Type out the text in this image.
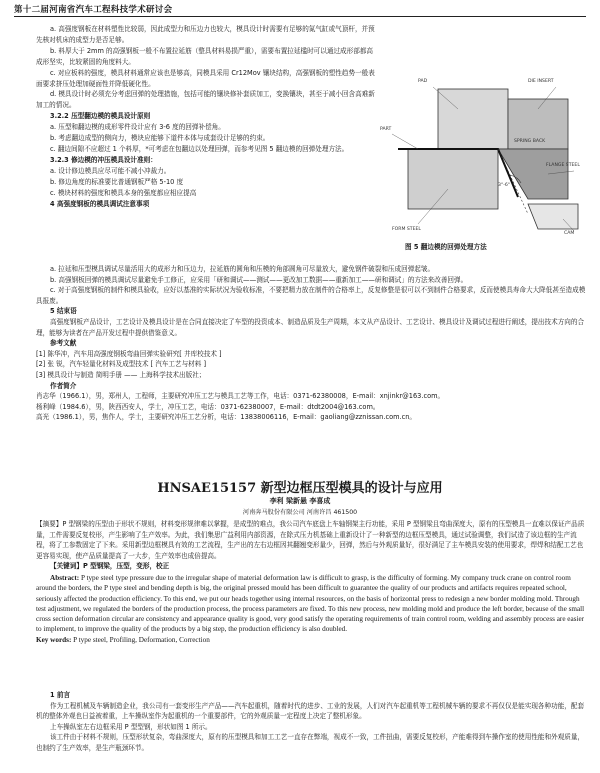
第十二届河南省汽车工程科技学术研讨会

a. 高强度钢板在材料塑性比较弱，因此成型力和压边力也较大，模具设计时需要有足够的氮气缸或气顶杆，并预先核对机床的成型力是否足够。

b. 料厚大于 2mm 的高强钢板一般不布置拉延筋（整具材料易损严重），需要布置拉延槛时可以通过成形部都高成形坚实，比较紧固的角度料大。

c. 对应板料的强度，模具材料通常应该也是够高，同模具采用 Cr12Mov 镶块结构，高强钢板的塑性趋势一般表面要求挤压处理加硬面性并降低硬化性。

d. 模具设计时必须充分考虑回弹的处理措施，包括可能的镶块修补套质加工，变换镶块，甚至于减小回含高难新加工的情况。

3.2.2 压型翻边模的模具设计原则

a. 压型和翻边模的成形零件设计应有 3-6 度的回弹补偿角。

b. 考虑翻边成型的侧向力，模块应能够下道件本体与成套设计足够的约束。

c. 翻边间隙不应超过 1 个料厚，*可考虑在包翻边以处理回弹，而参考见图 5 翻边模的回弹处理方法。

3.2.3 修边模的冲压模具设计准则：

a. 设计修边模具应尽可能不减小冲裁力。

b. 修边角度的标准要比普通钢板严格 5-10 度

c. 模块材料的强度和模具本身的强度都应相应提高

4 高强度钢板的模具调试注意事项

DIE INSERT
PAD
PART
SPRING BACK
3°-6°
FLANGE STEEL
FORM STEEL
CAM
图 5 翻边模的回弹处理方法

a. 拉延和压型模具调试尽量活用大的成形力和压边力，拉延筋的圆角和压模的角部圆角可尽量放大，避免钢件破裂和压成回弹起皱。

b. 高强钢板回弹的模具调试尽量避免手工修正，应采用「研和调试——测试——更改加工数据——重新加工——研和调试」的方法来改善回弹。

c. 对于高强度钢板的制件和模具验收，应好以基准的实际状况为验收标准，不要把精力放在制件的合格率上，反复修整是很可以不到制件合格要求，反而使模具寿命大大降低甚至造成模具报废。

5 结束语

高强度钢板产品设计，工艺设计及模具设计是在合同直接决定了车型的投资成本、制造品质及生产周期，本文从产品设计、工艺设计、模具设计及调试过程进行阐述，提出技术方向的合理，能够为读者在产品开发过程中提供借鉴意义。

参考文献

[1] 陈华冲，汽车用高强度钢板弯曲回弹实验研究[ 井库校技术 ]

[2] 张 锐，汽车轻量化材料及成型技术 [ 汽车工艺与材料 ]

[3] 模具设计与制造 简明手册 —— 上海科学技术出版社；

作者简介

肖志华（1966.1），男，郑州人，工程师，主要研究冲压工艺与模具工艺等工作，电话：0371-62380008，E-mail：xnjinkr@163.com。

杨利峰（1984.6），男，陕西西安人，学士，冲压工艺，电话：0371-62380007，E-mail：dtdt2004@163.com。

高光（1986.1），男，焦作人，学士，主要研究冲压工艺分析，电话：13838006116，E-mail：gaoliang@zznissan.com.cn。

HNSAE15157 新型边框压型模具的设计与应用
李利 梁新悬 李喜成
河南奔马股份有限公司 河南许昌 461500

【摘要】P 型钢梁的压型由于形状不规则，材料变形规律难以掌握，是成型的难点，我公司汽车底盘上车轴钢架主行功能，采用 P 型钢梁且弯曲深度大，原有的压型模具一直难以保证产品质量，工件需要反复校形，产生影响了生产效率。为此，我们集思广益利用内部资源，在除式压力机基础上重新设计了一种新型的边框压型模具，通过试验调整，我们试造了该边框的生产流程，将了工参数固定了下来。采用新型边框模具有效的工艺流程，生产出的左右边框因其翻翘变形量少，回弹，然后与外观质量好，很好满足了主车模具安装的使用要求，焊焊和结配工艺也更容易实现，使产品质量提高了一大步，生产效率也成倍提高。

【关键词】P 型钢梁，压型，变形，校正

Abstract: P type steel type pressure due to the irregular shape of material deformation law is difficult to grasp, is the difficulty of forming. My company truck crane on control room around the borders, the P type steel and bending depth is big, the original pressed mould has been difficult to guarantee the quality of our products and artifacts requires repeated school, seriously affected the production efficiency. To this end, we put our heads together using internal resources, on the basis of horizontal press to redesign a new border molding mold. Through test adjustment, we regulated the borders of the production process, the process parameters are fixed. To this new process, new molding mold and produce the left border, because of the small cross section deformation circular are consistency and appearance quality is good, very good satisfy the operating requirements of train control room, welding and assembly process are easier to implement, to improve the quality of the products by a big step, the production efficiency is also doubled.

Key words: P type steel, Profiling, Deformation, Correction

1 前言

作为工程机械及车辆制造企业，我公司有一套变形生产产品——汽车起重机，随着时代的进步、工业的发展，人们对汽车起重机等工程机械车辆的要求不再仅仅是能实现各种功能，配套机的整体外观也日益被着重，上车操纵室作为起重机的一个重要部件，它的外观质量一定程度上决定了整机形象。

上车操纵室左右边框采用 P 型型钢，形状如图 1 所示。

该工件由于材料不规则，压型形状复杂，弯曲深度大，原有的压型模具和加工工艺一直存在弊端，视成不一致，工件扭曲，需要反复校形，产能难得到车操作室的使用性能和外观质量，也制约了生产效率，是生产瓶颈环节。
